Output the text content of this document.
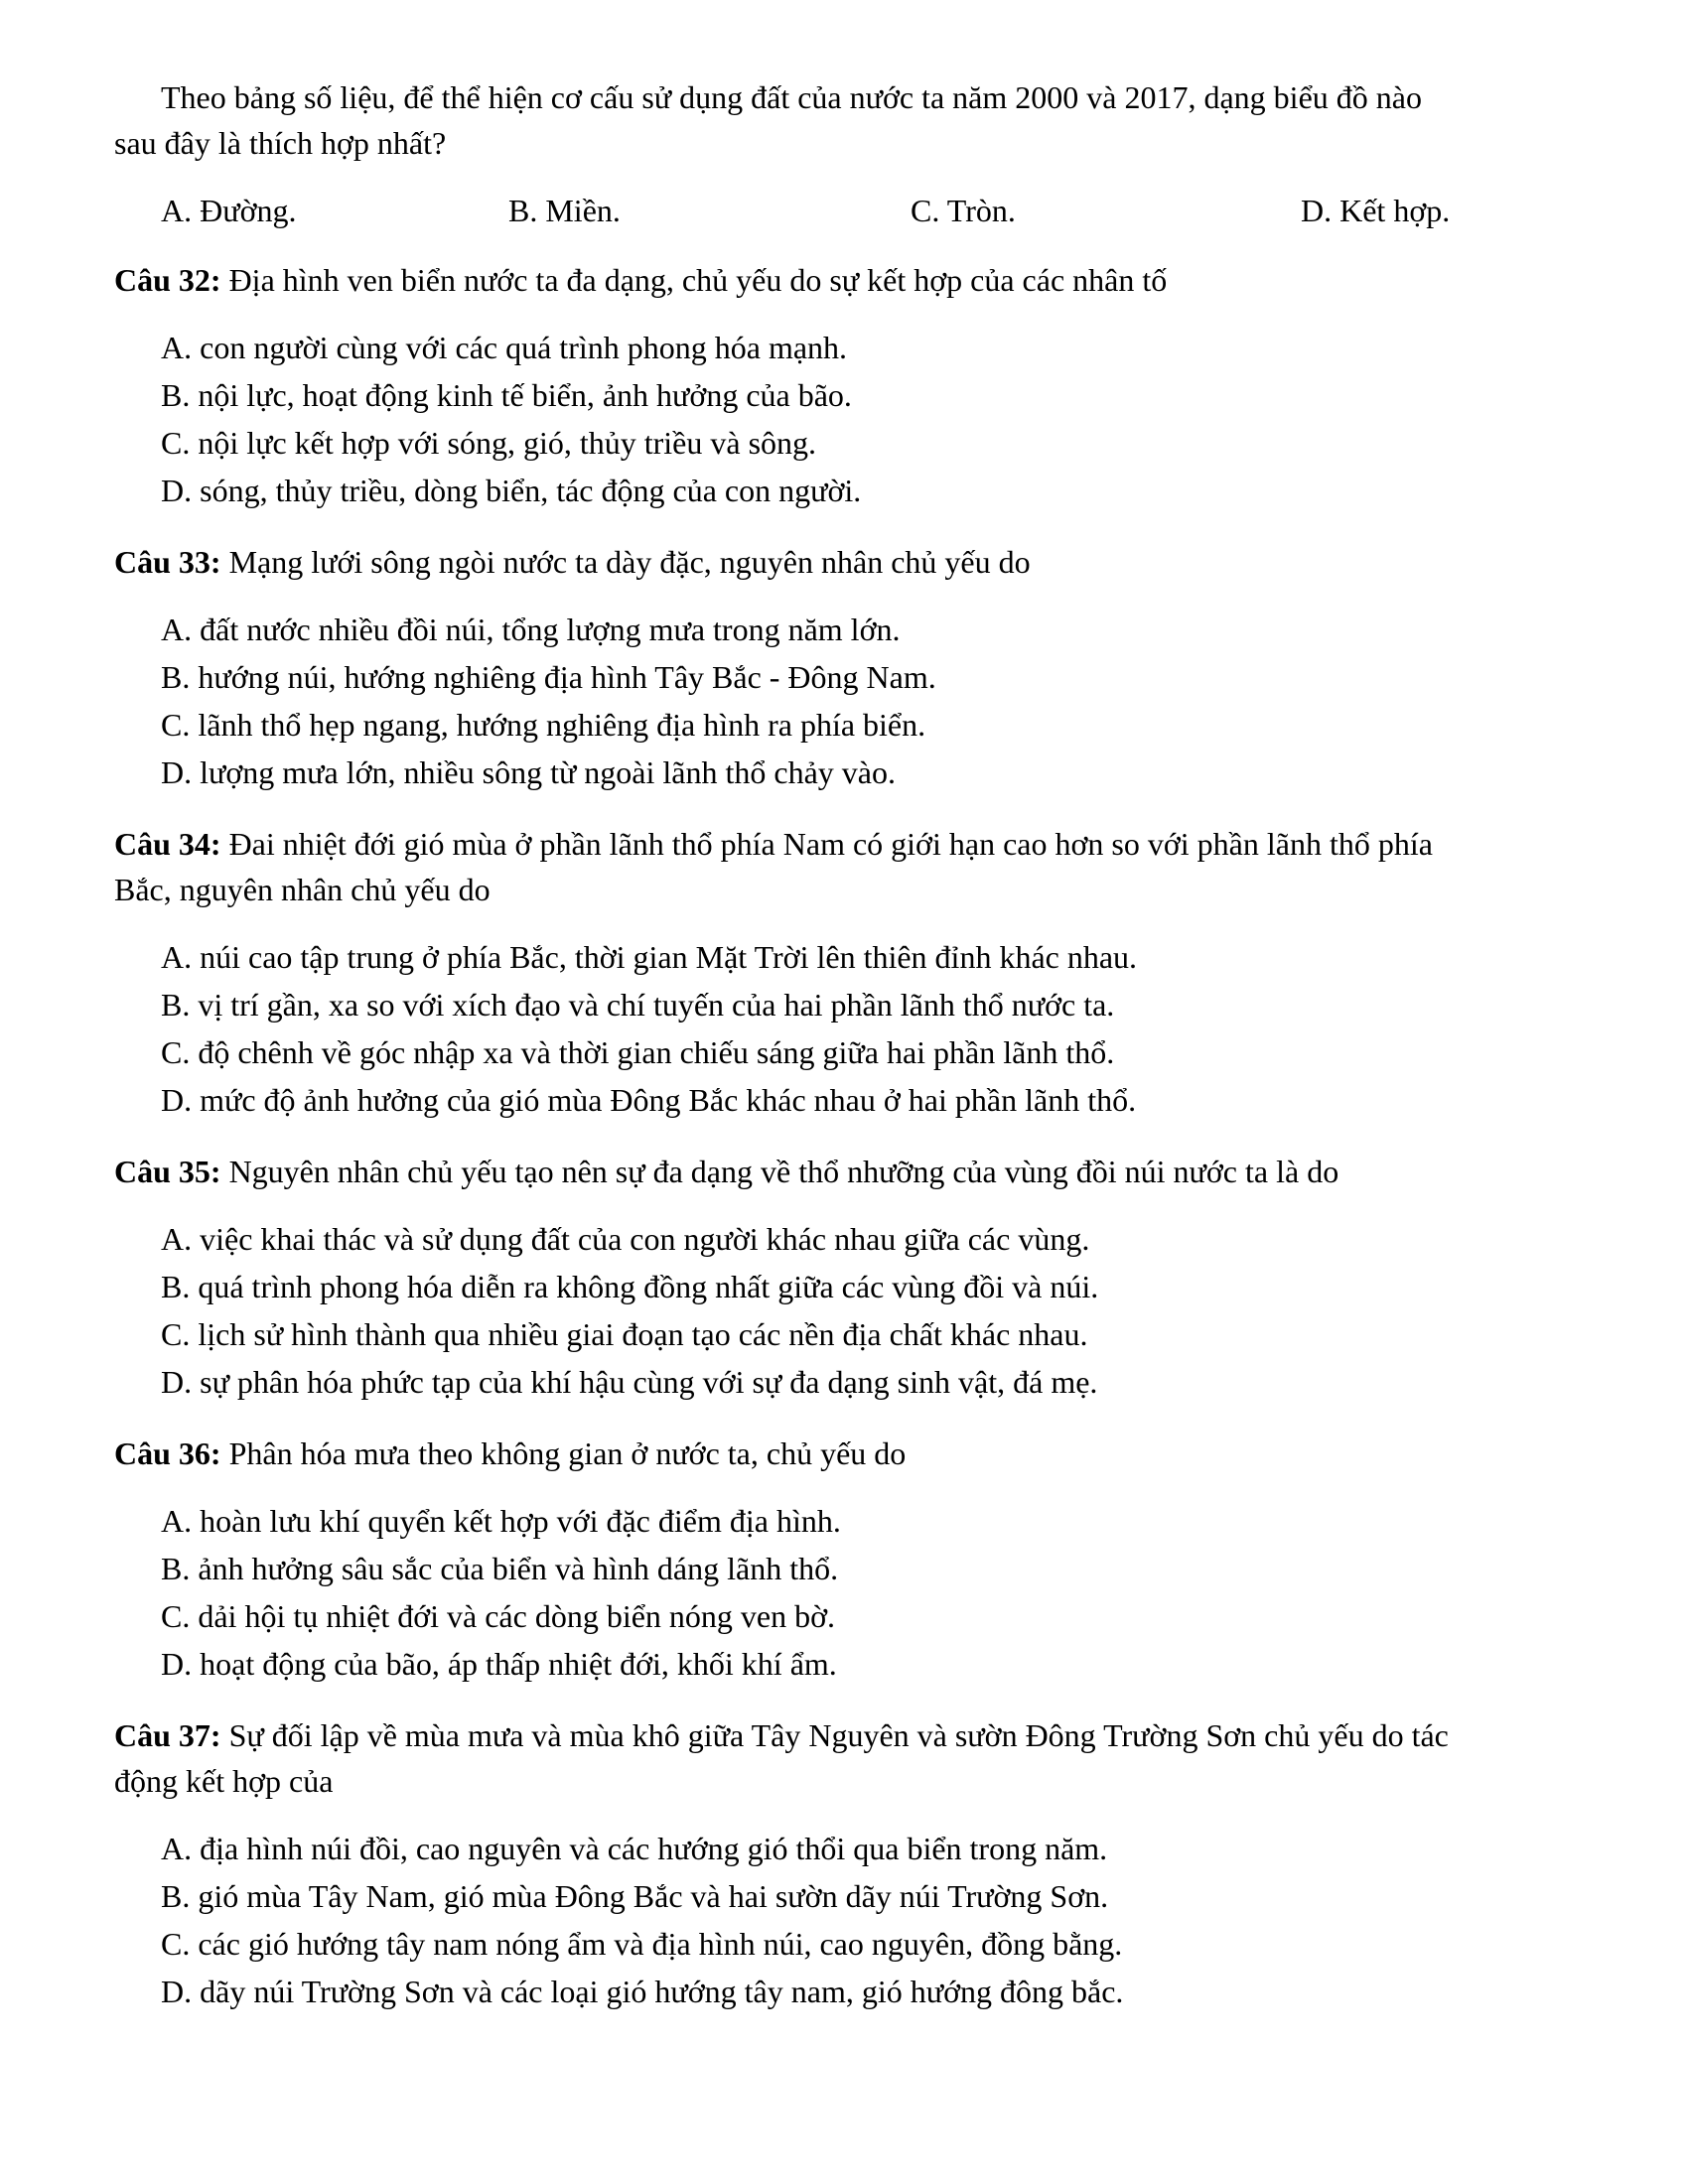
Theo bảng số liệu, để thể hiện cơ cấu sử dụng đất của nước ta năm 2000 và 2017, dạng biểu đồ nào
sau đây là thích hợp nhất?
A. Đường.	B. Miền.	C. Tròn.	D. Kết hợp.
Câu 32: Địa hình ven biển nước ta đa dạng, chủ yếu do sự kết hợp của các nhân tố
A. con người cùng với các quá trình phong hóa mạnh.
B. nội lực, hoạt động kinh tế biển, ảnh hưởng của bão.
C. nội lực kết hợp với sóng, gió, thủy triều và sông.
D. sóng, thủy triều, dòng biển, tác động của con người.
Câu 33: Mạng lưới sông ngòi nước ta dày đặc, nguyên nhân chủ yếu do
A. đất nước nhiều đồi núi, tổng lượng mưa trong năm lớn.
B. hướng núi, hướng nghiêng địa hình Tây Bắc - Đông Nam.
C. lãnh thổ hẹp ngang, hướng nghiêng địa hình ra phía biển.
D. lượng mưa lớn, nhiều sông từ ngoài lãnh thổ chảy vào.
Câu 34: Đai nhiệt đới gió mùa ở phần lãnh thổ phía Nam có giới hạn cao hơn so với phần lãnh thổ phía
Bắc, nguyên nhân chủ yếu do
A. núi cao tập trung ở phía Bắc, thời gian Mặt Trời lên thiên đỉnh khác nhau.
B. vị trí gần, xa so với xích đạo và chí tuyến của hai phần lãnh thổ nước ta.
C. độ chênh về góc nhập xa và thời gian chiếu sáng giữa hai phần lãnh thổ.
D. mức độ ảnh hưởng của gió mùa Đông Bắc khác nhau ở hai phần lãnh thổ.
Câu 35: Nguyên nhân chủ yếu tạo nên sự đa dạng về thổ nhưỡng của vùng đồi núi nước ta là do
A. việc khai thác và sử dụng đất của con người khác nhau giữa các vùng.
B. quá trình phong hóa diễn ra không đồng nhất giữa các vùng đồi và núi.
C. lịch sử hình thành qua nhiều giai đoạn tạo các nền địa chất khác nhau.
D. sự phân hóa phức tạp của khí hậu cùng với sự đa dạng sinh vật, đá mẹ.
Câu 36: Phân hóa mưa theo không gian ở nước ta, chủ yếu do
A. hoàn lưu khí quyển kết hợp với đặc điểm địa hình.
B. ảnh hưởng sâu sắc của biển và hình dáng lãnh thổ.
C. dải hội tụ nhiệt đới và các dòng biển nóng ven bờ.
D. hoạt động của bão, áp thấp nhiệt đới, khối khí ẩm.
Câu 37: Sự đối lập về mùa mưa và mùa khô giữa Tây Nguyên và sườn Đông Trường Sơn chủ yếu do tác
động kết hợp của
A. địa hình núi đồi, cao nguyên và các hướng gió thổi qua biển trong năm.
B. gió mùa Tây Nam, gió mùa Đông Bắc và hai sườn dãy núi Trường Sơn.
C. các gió hướng tây nam nóng ẩm và địa hình núi, cao nguyên, đồng bằng.
D. dãy núi Trường Sơn và các loại gió hướng tây nam, gió hướng đông bắc.
